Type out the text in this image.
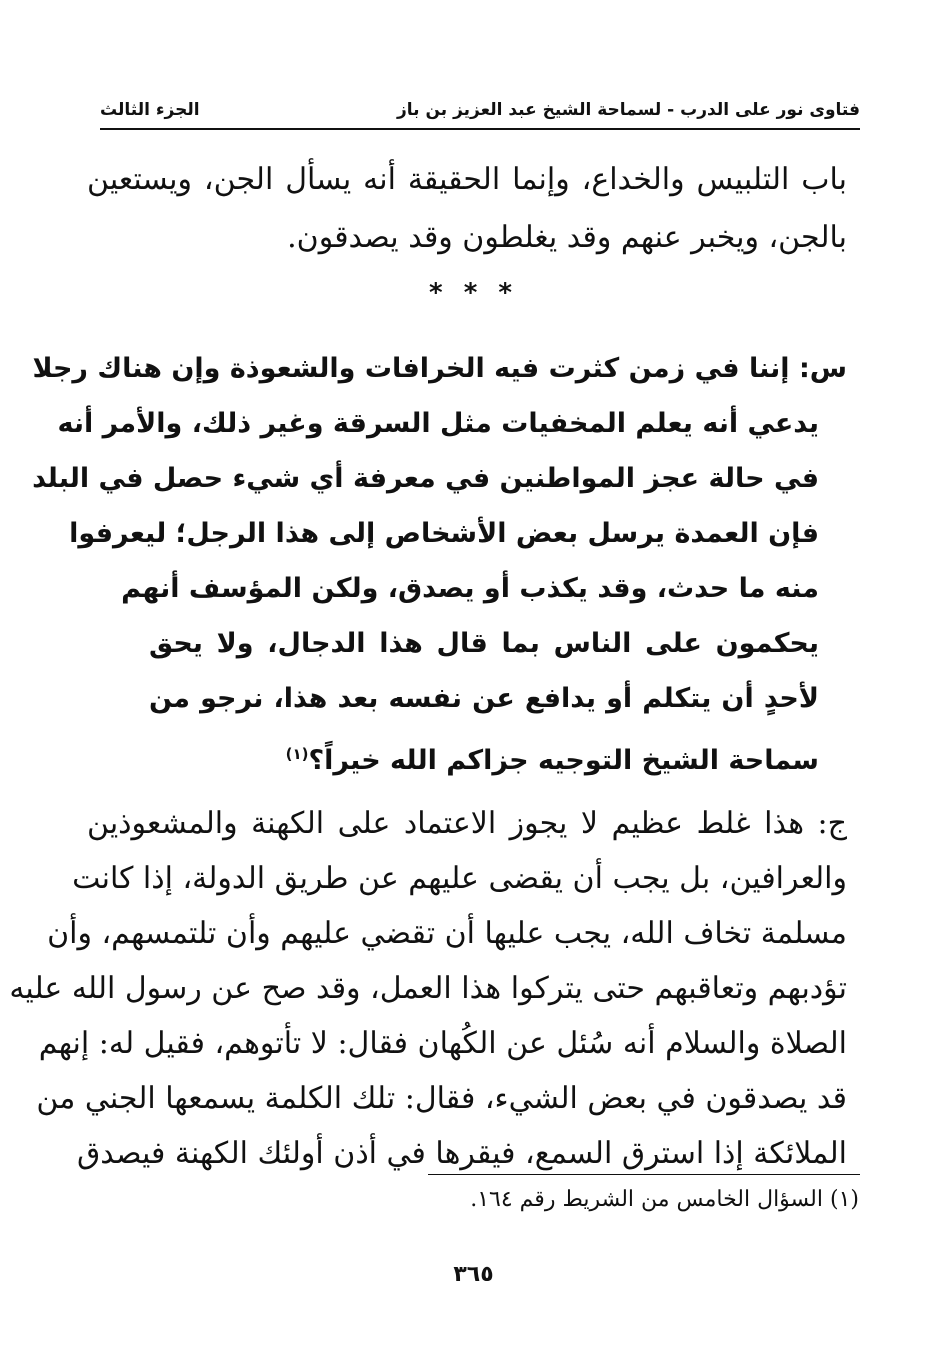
فتاوى نور على الدرب - لسماحة الشيخ عبد العزيز بن باز
الجزء الثالث
باب التلبيس والخداع، وإنما الحقيقة أنه يسأل الجن، ويستعين
بالجن، ويخبر عنهم وقد يغلطون وقد يصدقون.
* * *
س: إننا في زمن كثرت فيه الخرافات والشعوذة وإن هناك رجلا
يدعي أنه يعلم المخفيات مثل السرقة وغير ذلك، والأمر أنه
في حالة عجز المواطنين في معرفة أي شيء حصل في البلد
فإن العمدة يرسل بعض الأشخاص إلى هذا الرجل؛ ليعرفوا
منه ما حدث، وقد يكذب أو يصدق، ولكن المؤسف أنهم
يحكمون على الناس بما قال هذا الدجال، ولا يحق
لأحدٍ أن يتكلم أو يدافع عن نفسه بعد هذا، نرجو من
سماحة الشيخ التوجيه جزاكم الله خيراً؟$^{(١)}$
ج: هذا غلط عظيم لا يجوز الاعتماد على الكهنة والمشعوذين
والعرافين، بل يجب أن يقضى عليهم عن طريق الدولة، إذا كانت
مسلمة تخاف الله، يجب عليها أن تقضي عليهم وأن تلتمسهم، وأن
تؤدبهم وتعاقبهم حتى يتركوا هذا العمل، وقد صح عن رسول الله عليه
الصلاة والسلام أنه سُئل عن الكُهان فقال: لا تأتوهم، فقيل له: إنهم
قد يصدقون في بعض الشيء، فقال: تلك الكلمة يسمعها الجني من
الملائكة إذا استرق السمع، فيقرها في أذن أولئك الكهنة فيصدق
(١) السؤال الخامس من الشريط رقم ١٦٤.
٣٦٥
